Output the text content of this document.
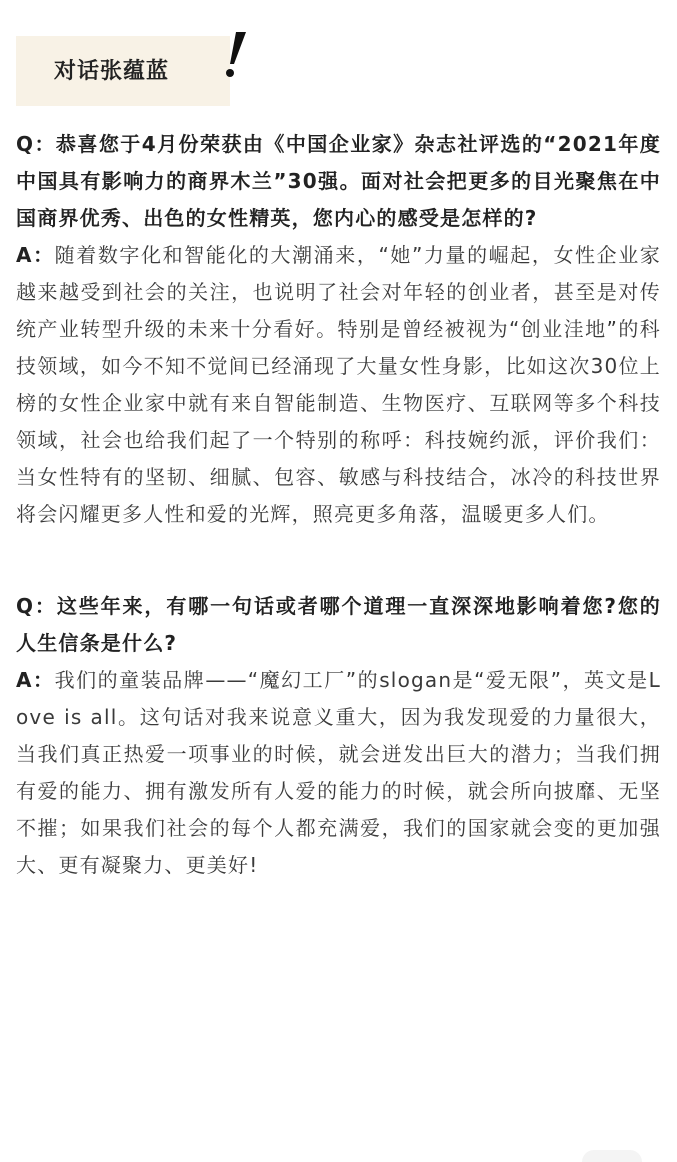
对话张蕴蓝

Q：恭喜您于4月份荣获由《中国企业家》杂志社评选的“2021年度中国具有影响力的商界木兰”30强。面对社会把更多的目光聚焦在中国商界优秀、出色的女性精英，您内心的感受是怎样的?

A：随着数字化和智能化的大潮涌来，“她”力量的崛起，女性企业家越来越受到社会的关注，也说明了社会对年轻的创业者，甚至是对传统产业转型升级的未来十分看好。特别是曾经被视为“创业洼地”的科技领域，如今不知不觉间已经涌现了大量女性身影，比如这次30位上榜的女性企业家中就有来自智能制造、生物医疗、互联网等多个科技领域，社会也给我们起了一个特别的称呼：科技婉约派，评价我们：当女性特有的坚韧、细腻、包容、敏感与科技结合，冰冷的科技世界将会闪耀更多人性和爱的光辉，照亮更多角落，温暖更多人们。

Q：这些年来，有哪一句话或者哪个道理一直深深地影响着您?您的人生信条是什么?

A：我们的童装品牌——“魔幻工厂”的slogan是“爱无限”，英文是Love is all。这句话对我来说意义重大，因为我发现爱的力量很大，当我们真正热爱一项事业的时候，就会迸发出巨大的潜力；当我们拥有爱的能力、拥有激发所有人爱的能力的时候，就会所向披靡、无坚不摧；如果我们社会的每个人都充满爱，我们的国家就会变的更加强大、更有凝聚力、更美好!
